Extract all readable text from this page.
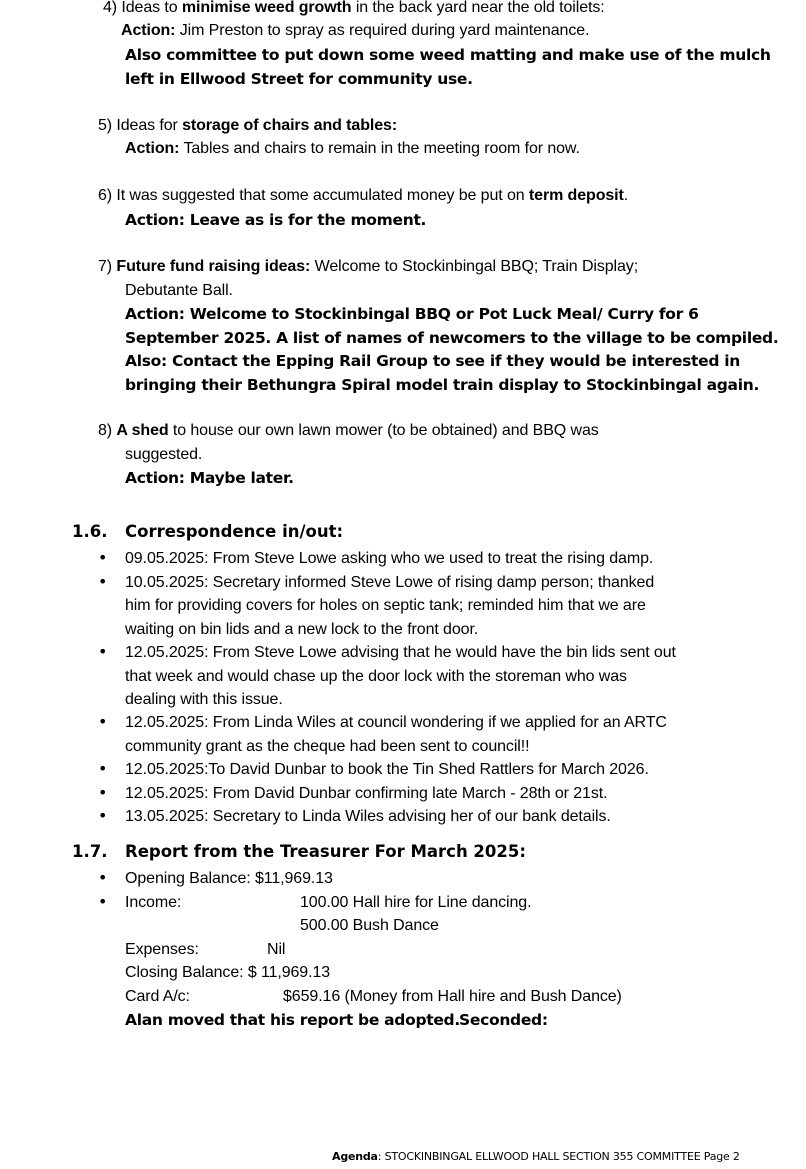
4) Ideas to minimise weed growth in the back yard near the old toilets:
Action: Jim Preston to spray as required during yard maintenance.
Also committee to put down some weed matting and make use of the mulch
left in Ellwood Street for community use.
5) Ideas for storage of chairs and tables:
Action: Tables and chairs to remain in the meeting room for now.
6) It was suggested that some accumulated money be put on term deposit.
Action: Leave as is for the moment.
7) Future fund raising ideas: Welcome to Stockinbingal BBQ; Train Display;
Debutante Ball.
Action: Welcome to Stockinbingal BBQ or Pot Luck Meal/ Curry for 6
September 2025. A list of names of newcomers to the village to be compiled.
Also: Contact the Epping Rail Group to see if they would be interested in
bringing their Bethungra Spiral model train display to Stockinbingal again.
8) A shed to house our own lawn mower (to be obtained) and BBQ was
suggested.
Action: Maybe later.
1.6. Correspondence in/out:
• 09.05.2025: From Steve Lowe asking who we used to treat the rising damp.
• 10.05.2025: Secretary informed Steve Lowe of rising damp person; thanked
him for providing covers for holes on septic tank; reminded him that we are
waiting on bin lids and a new lock to the front door.
• 12.05.2025: From Steve Lowe advising that he would have the bin lids sent out
that week and would chase up the door lock with the storeman who was
dealing with this issue.
• 12.05.2025: From Linda Wiles at council wondering if we applied for an ARTC
community grant as the cheque had been sent to council!!
• 12.05.2025:To David Dunbar to book the Tin Shed Rattlers for March 2026.
• 12.05.2025: From David Dunbar confirming late March - 28th or 21st.
• 13.05.2025: Secretary to Linda Wiles advising her of our bank details.
1.7. Report from the Treasurer For March 2025:
• Opening Balance: $11,969.13
• Income:	100.00 Hall hire for Line dancing.
500.00 Bush Dance
Expenses:	Nil
Closing Balance: $ 11,969.13
Card A/c:	$659.16 (Money from Hall hire and Bush Dance)
Alan moved that his report be adopted. Seconded:
Agenda: STOCKINBINGAL ELLWOOD HALL SECTION 355 COMMITTEE Page 2
